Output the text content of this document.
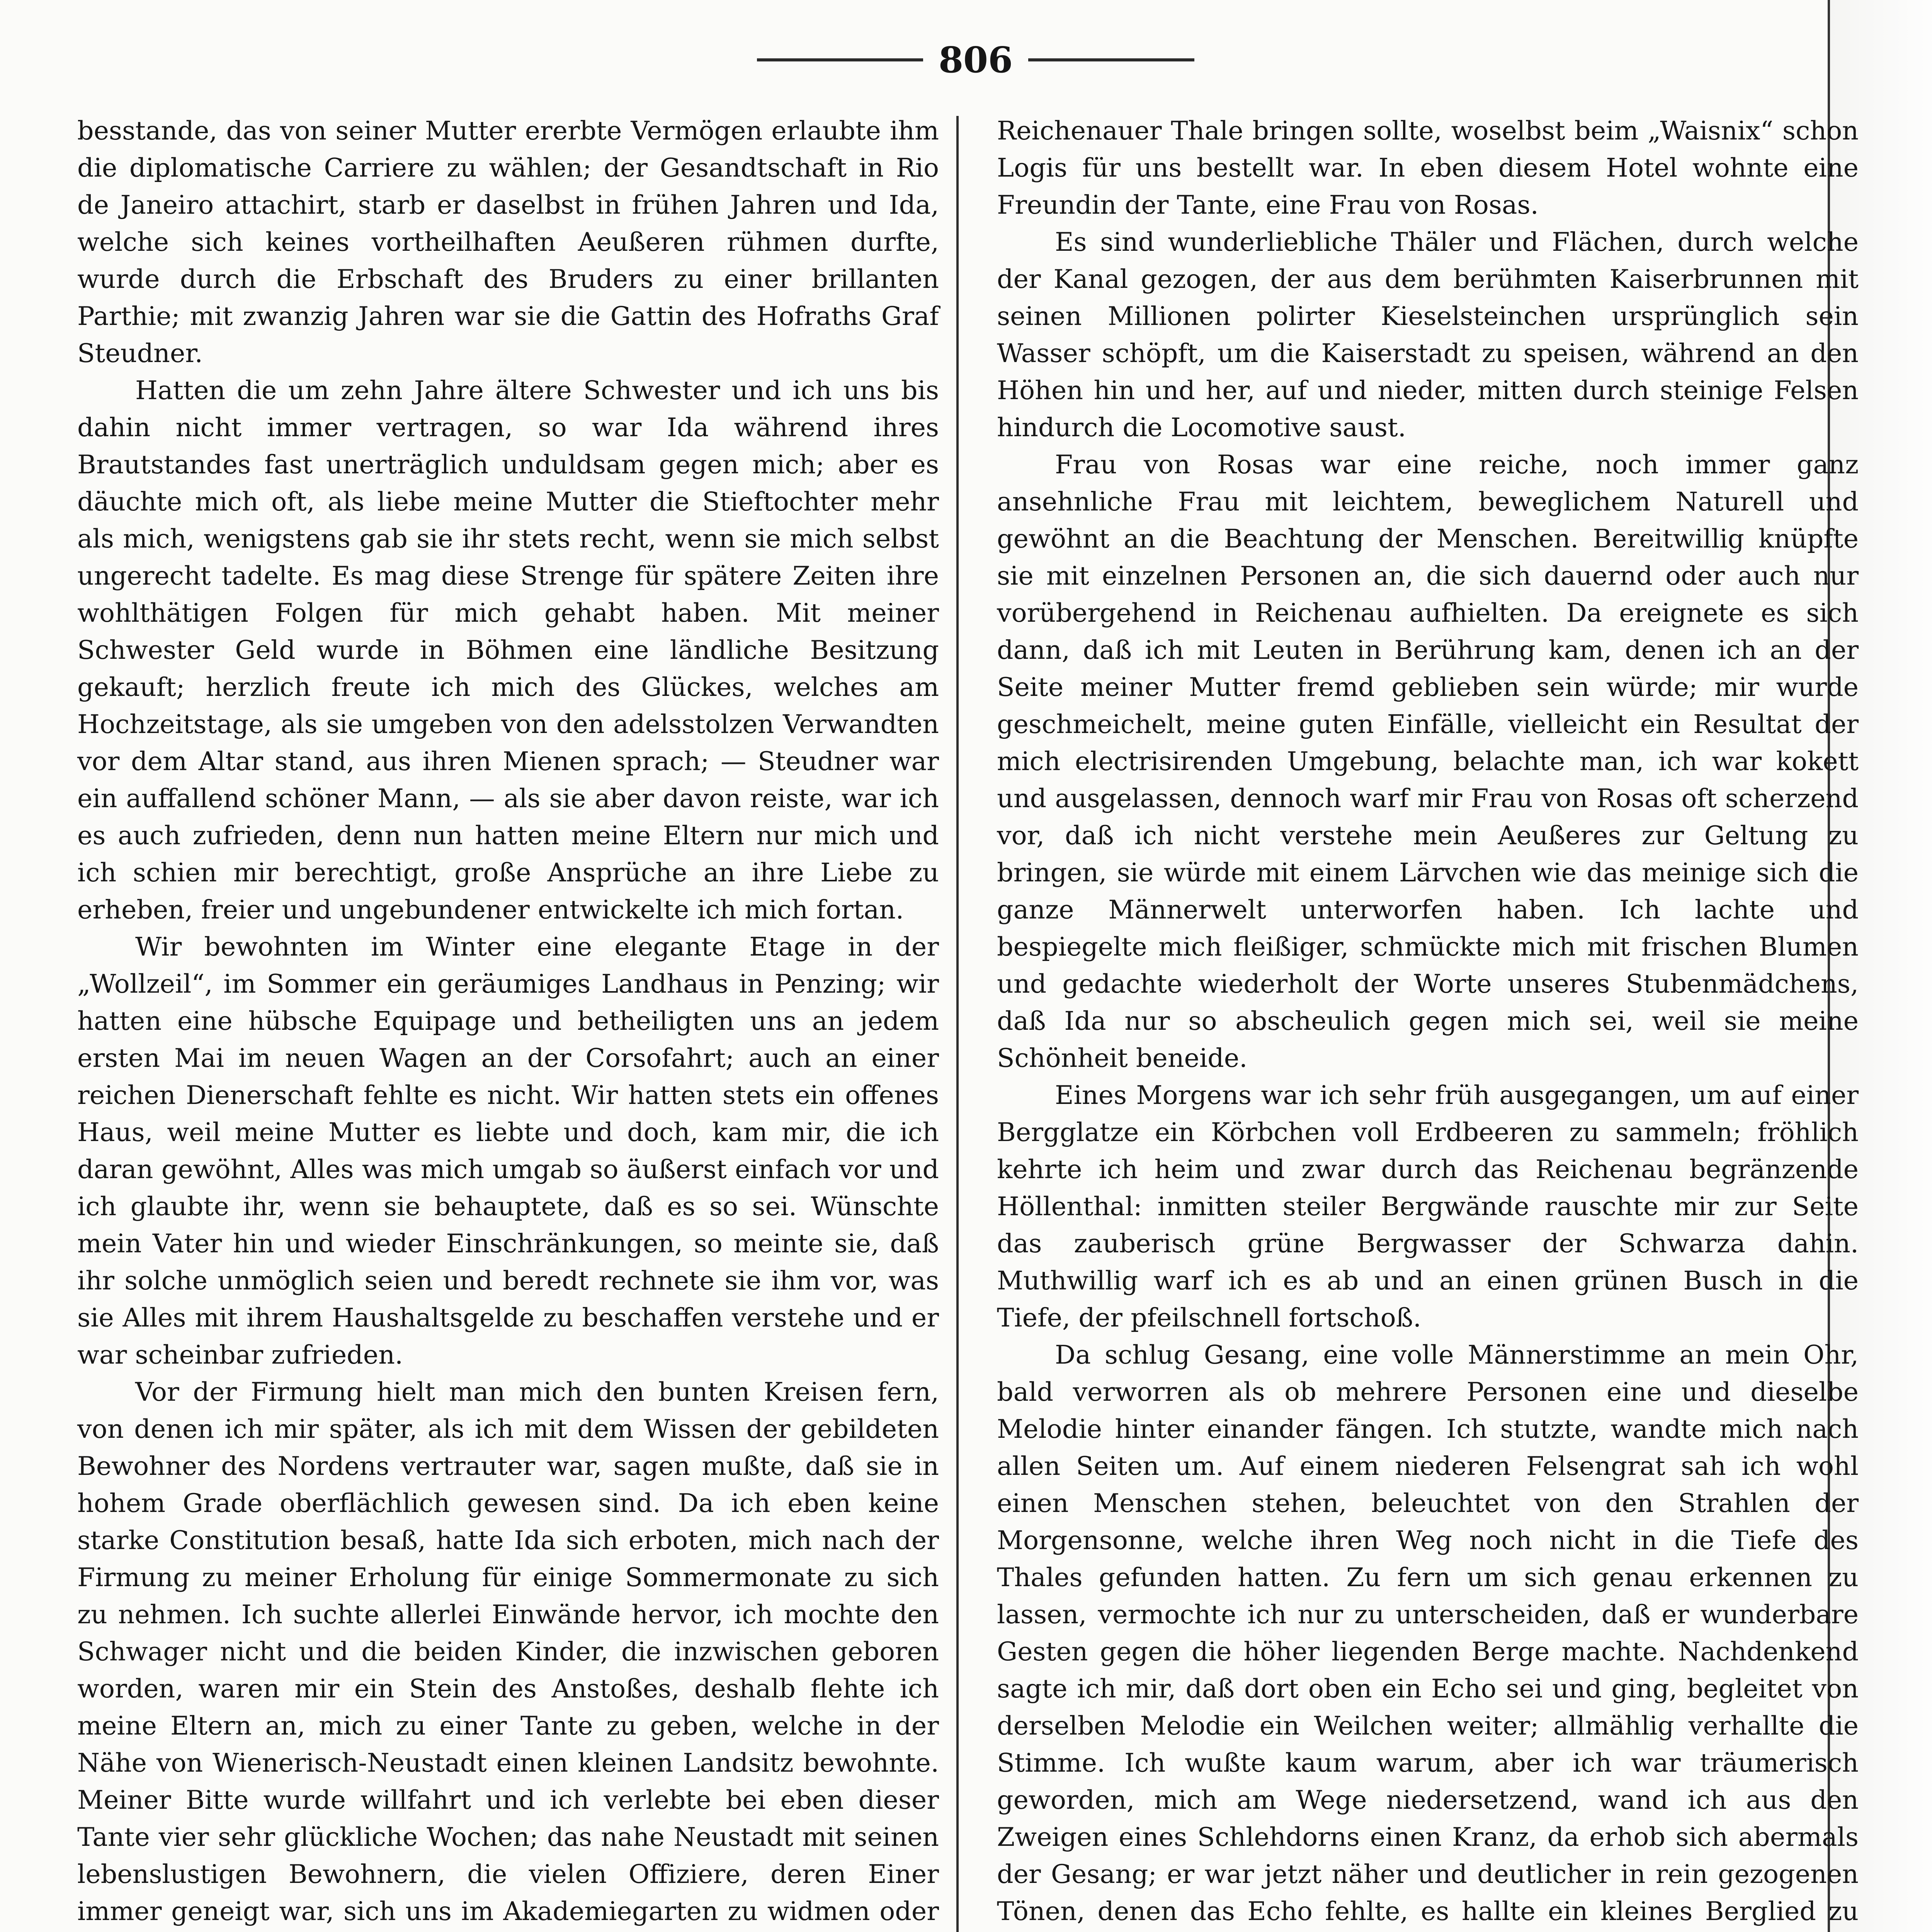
806

besstande, das von seiner Mutter ererbte Vermögen erlaubte ihm die diplomatische Carriere zu wählen; der Gesandtschaft in Rio de Janeiro attachirt, starb er daselbst in frühen Jahren und Ida, welche sich keines vortheilhaften Aeußeren rühmen durfte, wurde durch die Erbschaft des Bruders zu einer brillanten Parthie; mit zwanzig Jahren war sie die Gattin des Hofraths Graf Steudner.

Hatten die um zehn Jahre ältere Schwester und ich uns bis dahin nicht immer vertragen, so war Ida während ihres Brautstandes fast unerträglich unduldsam gegen mich; aber es däuchte mich oft, als liebe meine Mutter die Stieftochter mehr als mich, wenigstens gab sie ihr stets recht, wenn sie mich selbst ungerecht tadelte. Es mag diese Strenge für spätere Zeiten ihre wohlthätigen Folgen für mich gehabt haben. Mit meiner Schwester Geld wurde in Böhmen eine ländliche Besitzung gekauft; herzlich freute ich mich des Glückes, welches am Hochzeitstage, als sie umgeben von den adelsstolzen Verwandten vor dem Altar stand, aus ihren Mienen sprach; — Steudner war ein auffallend schöner Mann, — als sie aber davon reiste, war ich es auch zufrieden, denn nun hatten meine Eltern nur mich und ich schien mir berechtigt, große Ansprüche an ihre Liebe zu erheben, freier und ungebundener entwickelte ich mich fortan.

Wir bewohnten im Winter eine elegante Etage in der „Wollzeil“, im Sommer ein geräumiges Landhaus in Penzing; wir hatten eine hübsche Equipage und betheiligten uns an jedem ersten Mai im neuen Wagen an der Corsofahrt; auch an einer reichen Dienerschaft fehlte es nicht. Wir hatten stets ein offenes Haus, weil meine Mutter es liebte und doch, kam mir, die ich daran gewöhnt, Alles was mich umgab so äußerst einfach vor und ich glaubte ihr, wenn sie behauptete, daß es so sei. Wünschte mein Vater hin und wieder Einschränkungen, so meinte sie, daß ihr solche unmöglich seien und beredt rechnete sie ihm vor, was sie Alles mit ihrem Haushaltsgelde zu beschaffen verstehe und er war scheinbar zufrieden.

Vor der Firmung hielt man mich den bunten Kreisen fern, von denen ich mir später, als ich mit dem Wissen der gebildeten Bewohner des Nordens vertrauter war, sagen mußte, daß sie in hohem Grade oberflächlich gewesen sind. Da ich eben keine starke Constitution besaß, hatte Ida sich erboten, mich nach der Firmung zu meiner Erholung für einige Sommermonate zu sich zu nehmen. Ich suchte allerlei Einwände hervor, ich mochte den Schwager nicht und die beiden Kinder, die inzwischen geboren worden, waren mir ein Stein des Anstoßes, deshalb flehte ich meine Eltern an, mich zu einer Tante zu geben, welche in der Nähe von Wienerisch-Neustadt einen kleinen Landsitz bewohnte. Meiner Bitte wurde willfahrt und ich verlebte bei eben dieser Tante vier sehr glückliche Wochen; das nahe Neustadt mit seinen lebenslustigen Bewohnern, die vielen Offiziere, deren Einer immer geneigt war, sich uns im Akademiegarten zu widmen oder

Reichenauer Thale bringen sollte, woselbst beim „Waisnix“ schon Logis für uns bestellt war. In eben diesem Hotel wohnte eine Freundin der Tante, eine Frau von Rosas.

Es sind wunderliebliche Thäler und Flächen, durch welche der Kanal gezogen, der aus dem berühmten Kaiserbrunnen mit seinen Millionen polirter Kieselsteinchen ursprünglich sein Wasser schöpft, um die Kaiserstadt zu speisen, während an den Höhen hin und her, auf und nieder, mitten durch steinige Felsen hindurch die Locomotive saust.

Frau von Rosas war eine reiche, noch immer ganz ansehnliche Frau mit leichtem, beweglichem Naturell und gewöhnt an die Beachtung der Menschen. Bereitwillig knüpfte sie mit einzelnen Personen an, die sich dauernd oder auch nur vorübergehend in Reichenau aufhielten. Da ereignete es sich dann, daß ich mit Leuten in Berührung kam, denen ich an der Seite meiner Mutter fremd geblieben sein würde; mir wurde geschmeichelt, meine guten Einfälle, vielleicht ein Resultat der mich electrisirenden Umgebung, belachte man, ich war kokett und ausgelassen, dennoch warf mir Frau von Rosas oft scherzend vor, daß ich nicht verstehe mein Aeußeres zur Geltung zu bringen, sie würde mit einem Lärvchen wie das meinige sich die ganze Männerwelt unterworfen haben. Ich lachte und bespiegelte mich fleißiger, schmückte mich mit frischen Blumen und gedachte wiederholt der Worte unseres Stubenmädchens, daß Ida nur so abscheulich gegen mich sei, weil sie meine Schönheit beneide.

Eines Morgens war ich sehr früh ausgegangen, um auf einer Bergglatze ein Körbchen voll Erdbeeren zu sammeln; fröhlich kehrte ich heim und zwar durch das Reichenau begränzende Höllenthal: inmitten steiler Bergwände rauschte mir zur Seite das zauberisch grüne Bergwasser der Schwarza dahin. Muthwillig warf ich es ab und an einen grünen Busch in die Tiefe, der pfeilschnell fortschoß.

Da schlug Gesang, eine volle Männerstimme an mein Ohr, bald verworren als ob mehrere Personen eine und dieselbe Melodie hinter einander fängen. Ich stutzte, wandte mich nach allen Seiten um. Auf einem niederen Felsengrat sah ich wohl einen Menschen stehen, beleuchtet von den Strahlen der Morgensonne, welche ihren Weg noch nicht in die Tiefe des Thales gefunden hatten. Zu fern um sich genau erkennen zu lassen, vermochte ich nur zu unterscheiden, daß er wunderbare Gesten gegen die höher liegenden Berge machte. Nachdenkend sagte ich mir, daß dort oben ein Echo sei und ging, begleitet von derselben Melodie ein Weilchen weiter; allmählig verhallte die Stimme. Ich wußte kaum warum, aber ich war träumerisch geworden, mich am Wege niedersetzend, wand ich aus den Zweigen eines Schlehdorns einen Kranz, da erhob sich abermals der Gesang; er war jetzt näher und deutlicher in rein gezogenen Tönen, denen das Echo fehlte, es hallte ein kleines Berglied zu
